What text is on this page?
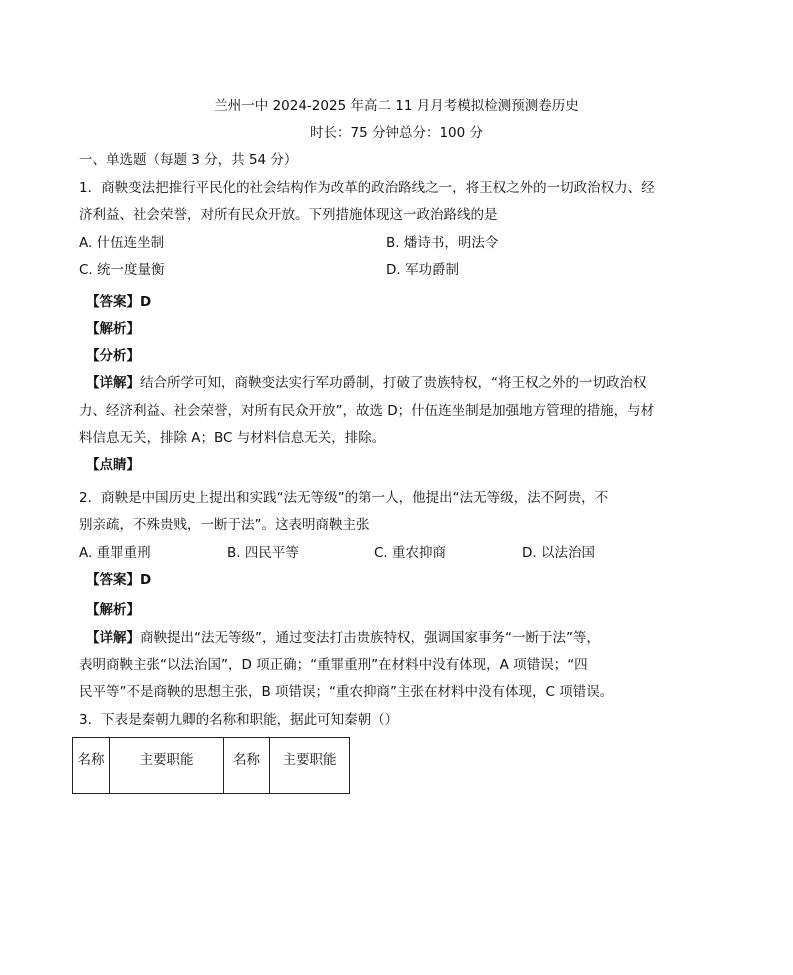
兰州一中 2024-2025 年高二 11 月月考模拟检测预测卷历史
时长：75 分钟总分：100 分
一、单选题（每题 3 分，共 54 分）
1．商鞅变法把推行平民化的社会结构作为改革的政治路线之一，将王权之外的一切政治权力、经
济利益、社会荣誉，对所有民众开放。下列措施体现这一政治路线的是
A. 什伍连坐制	B. 燔诗书，明法令
C. 统一度量衡	D. 军功爵制
【答案】D
【解析】
【分析】
【详解】结合所学可知，商鞅变法实行军功爵制，打破了贵族特权，“将王权之外的一切政治权
力、经济利益、社会荣誉，对所有民众开放”，故选 D；什伍连坐制是加强地方管理的措施，与材
料信息无关，排除 A；BC 与材料信息无关，排除。
【点睛】
2．商鞅是中国历史上提出和实践“法无等级”的第一人，他提出“法无等级，法不阿贵，不
别亲疏，不殊贵贱，一断于法”。这表明商鞅主张
A. 重罪重刑	B. 四民平等	C. 重农抑商	D. 以法治国
【答案】D
【解析】
【详解】商鞅提出“法无等级”，通过变法打击贵族特权，强调国家事务“一断于法”等，
表明商鞅主张“以法治国”，D 项正确；“重罪重刑”在材料中没有体现，A 项错误；“四
民平等”不是商鞅的思想主张，B 项错误；“重农抑商”主张在材料中没有体现，C 项错误。
3．下表是秦朝九卿的名称和职能，据此可知秦朝（）
名称	主要职能	名称	主要职能
